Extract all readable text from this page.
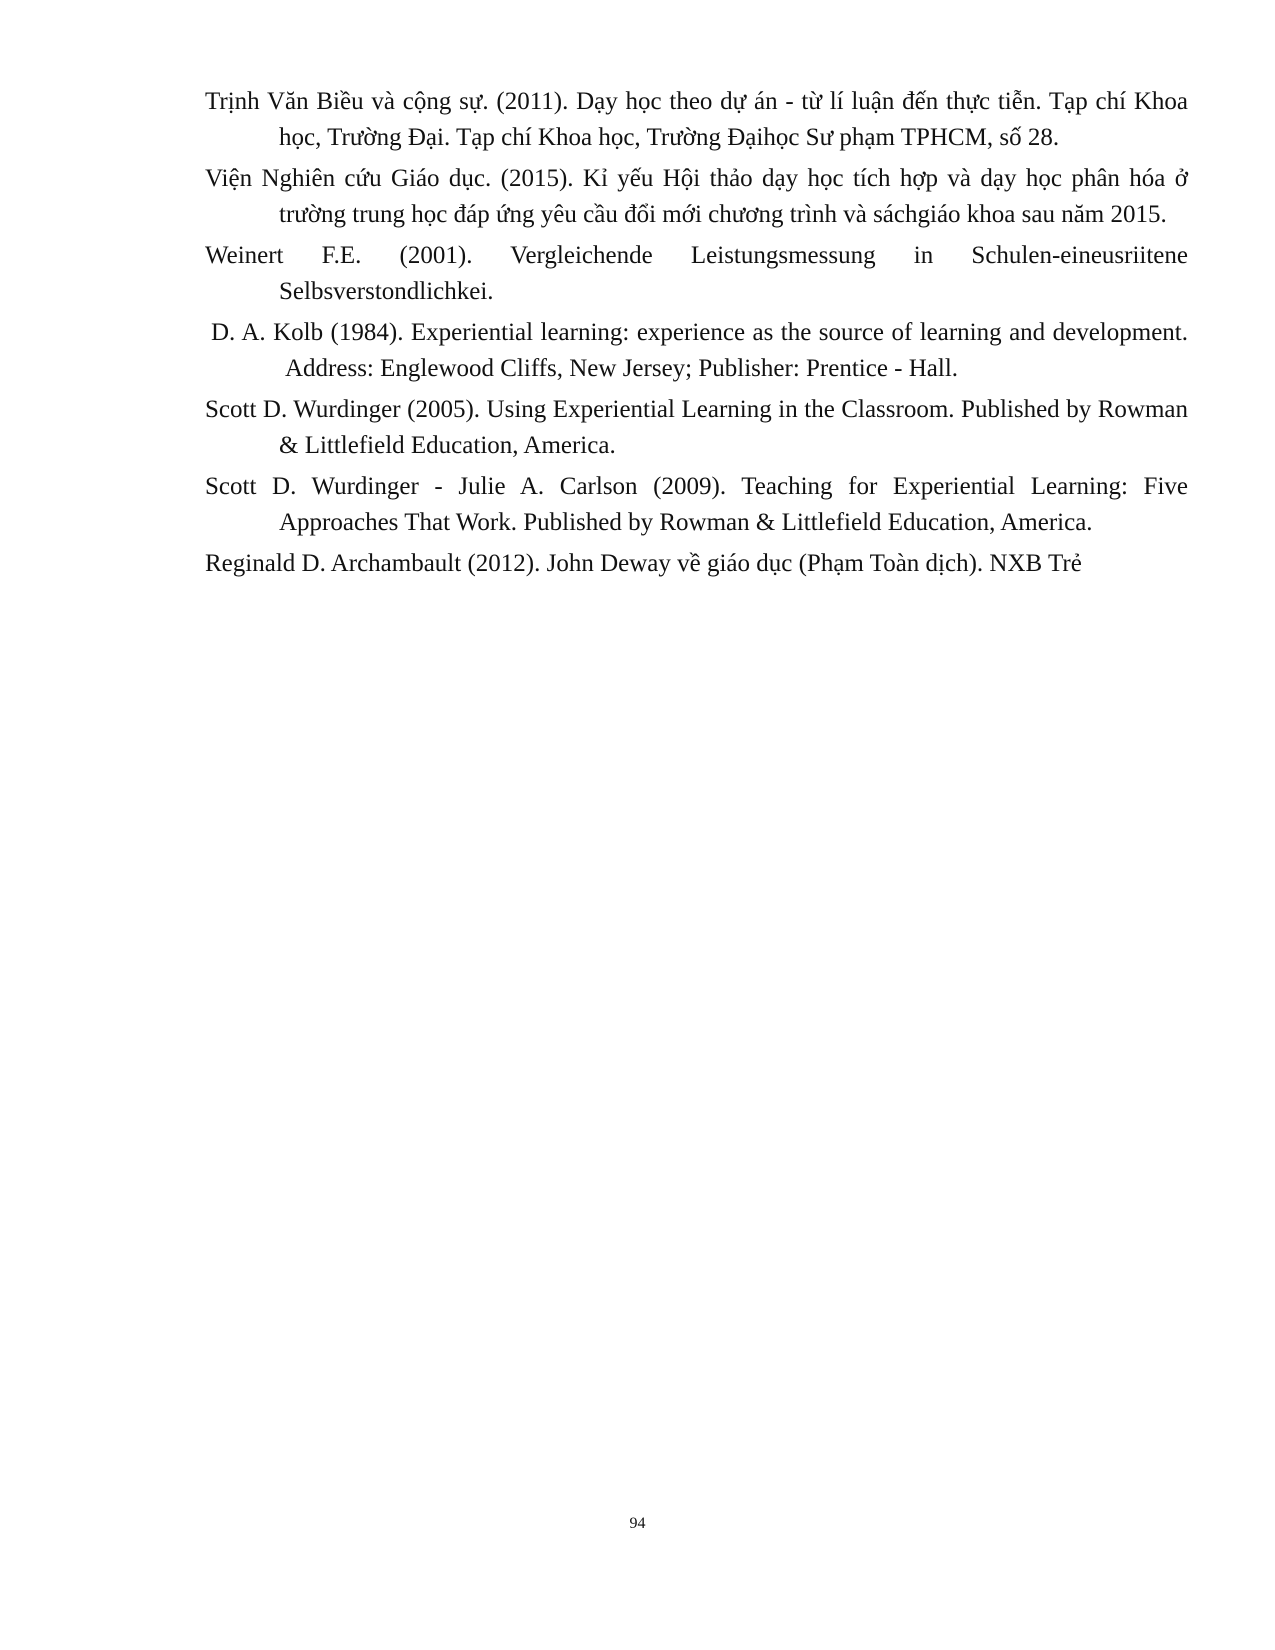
Trịnh Văn Biều và cộng sự. (2011). Dạy học theo dự án - từ lí luận đến thực tiễn. Tạp chí Khoa học, Trường Đại. Tạp chí Khoa học, Trường Đạihọc Sư phạm TPHCM, số 28.

Viện Nghiên cứu Giáo dục. (2015). Kỉ yếu Hội thảo dạy học tích hợp và dạy học phân hóa ở trường trung học đáp ứng yêu cầu đổi mới chương trình và sáchgiáo khoa sau năm 2015.

Weinert F.E. (2001). Vergleichende Leistungsmessung in Schulen-eineusriitene Selbsverstondlichkei.

D. A. Kolb (1984). Experiential learning: experience as the source of learning and development. Address: Englewood Cliffs, New Jersey; Publisher: Prentice - Hall.

Scott D. Wurdinger (2005). Using Experiential Learning in the Classroom. Published by Rowman & Littlefield Education, America.

Scott D. Wurdinger - Julie A. Carlson (2009). Teaching for Experiential Learning: Five Approaches That Work. Published by Rowman & Littlefield Education, America.

Reginald D. Archambault (2012). John Deway về giáo dục (Phạm Toàn dịch). NXB Trẻ

94
